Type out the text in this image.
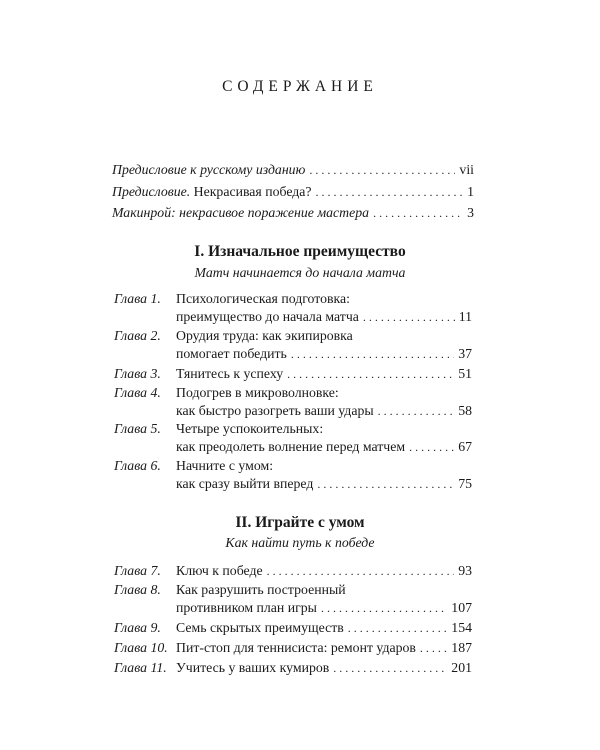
СОДЕРЖАНИЕ
Предисловие к русскому изданию . . .	vii
Предисловие. Некрасивая победа? . . .	1
Макинрой: некрасивое поражение мастера . . .	3
I. Изначальное преимущество
Матч начинается до начала матча
Глава 1. Психологическая подготовка:
преимущество до начала матча . . .	11
Глава 2. Орудия труда: как экипировка
помогает победить . . .	37
Глава 3. Тянитесь к успеху . . .	51
Глава 4. Подогрев в микроволновке:
как быстро разогреть ваши удары . . .	58
Глава 5. Четыре успокоительных:
как преодолеть волнение перед матчем . . .	67
Глава 6. Начните с умом:
как сразу выйти вперед . . .	75
II. Играйте с умом
Как найти путь к победе
Глава 7. Ключ к победе . . .	93
Глава 8. Как разрушить построенный
противником план игры . . .	107
Глава 9. Семь скрытых преимуществ . . .	154
Глава 10. Пит-стоп для теннисиста: ремонт ударов . . .	187
Глава 11. Учитесь у ваших кумиров . . .	201
